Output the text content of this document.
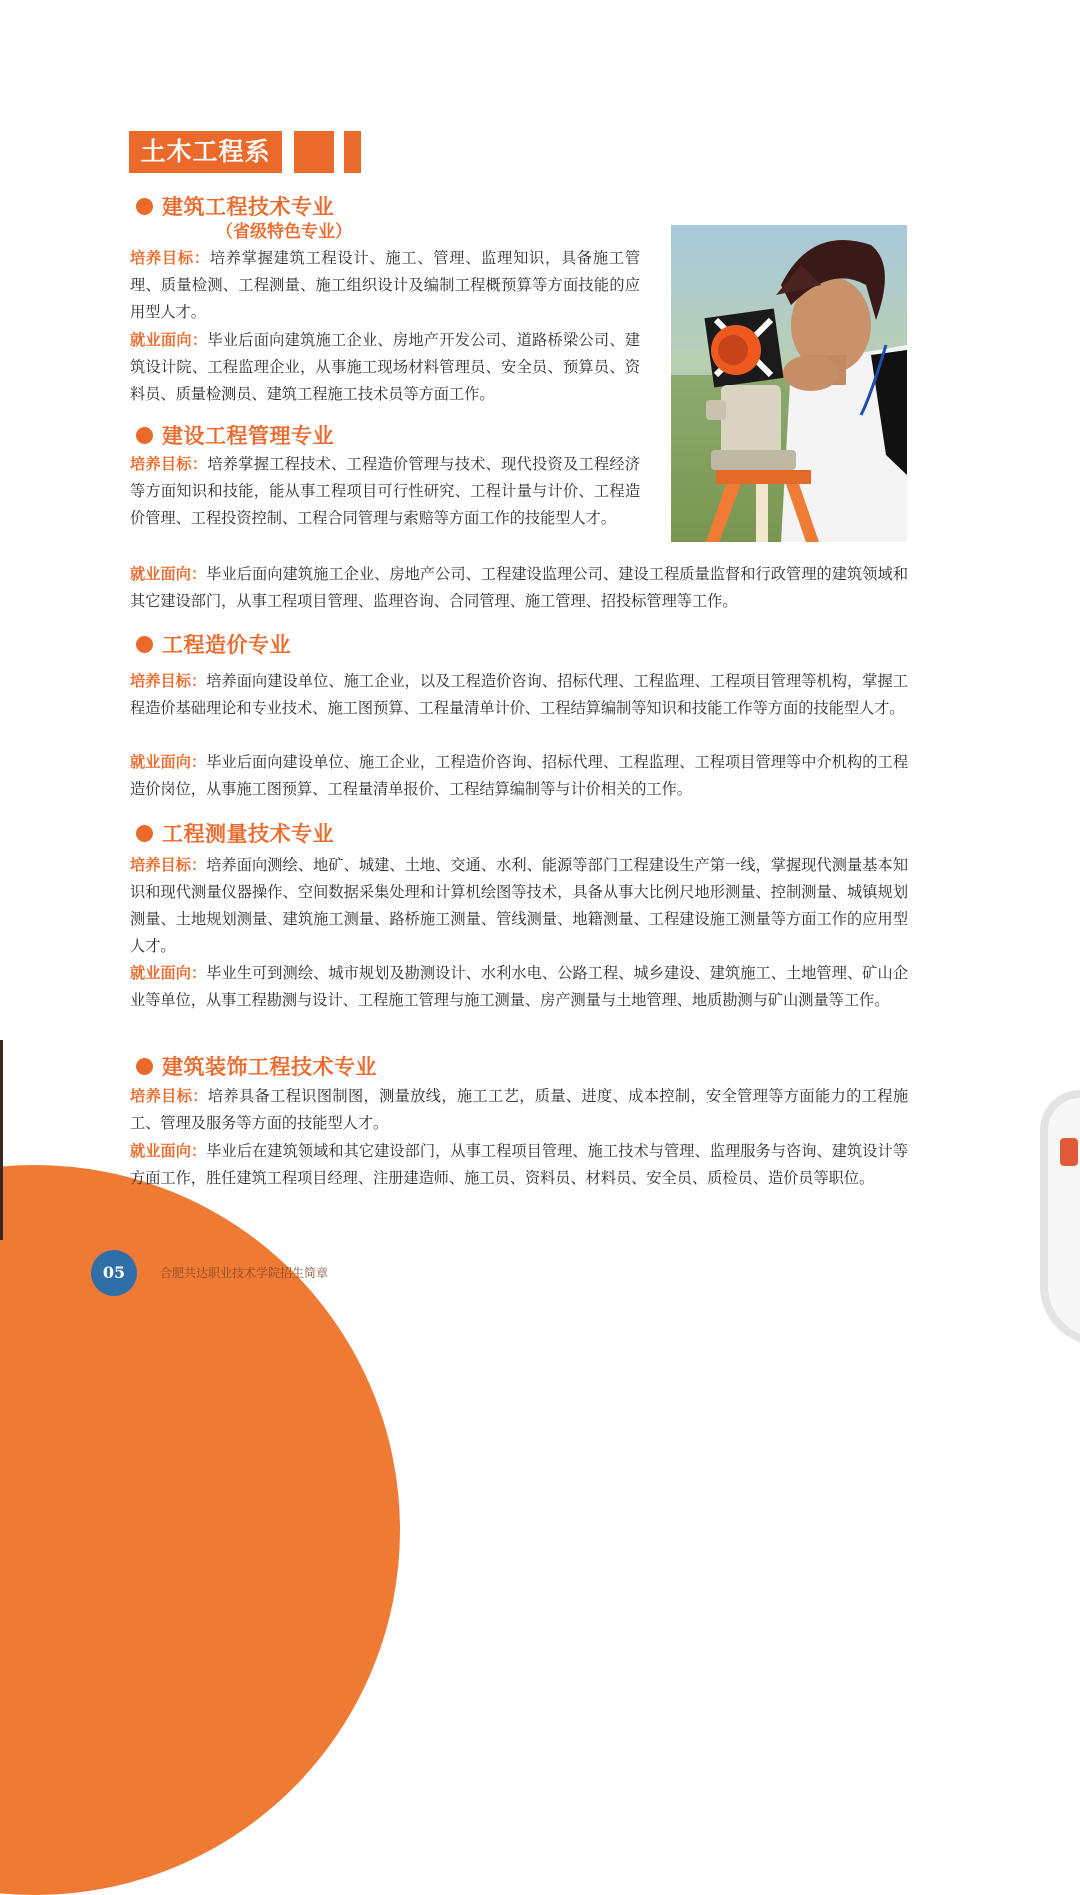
土木工程系
建筑工程技术专业
（省级特色专业）

培养目标：培养掌握建筑工程设计、施工、管理、监理知识，具备施工管理、质量检测、工程测量、施工组织设计及编制工程概预算等方面技能的应用型人才。

就业面向：毕业后面向建筑施工企业、房地产开发公司、道路桥梁公司、建筑设计院、工程监理企业，从事施工现场材料管理员、安全员、预算员、资料员、质量检测员、建筑工程施工技术员等方面工作。

建设工程管理专业

培养目标：培养掌握工程技术、工程造价管理与技术、现代投资及工程经济等方面知识和技能，能从事工程项目可行性研究、工程计量与计价、工程造价管理、工程投资控制、工程合同管理与索赔等方面工作的技能型人才。

就业面向：毕业后面向建筑施工企业、房地产公司、工程建设监理公司、建设工程质量监督和行政管理的建筑领域和其它建设部门，从事工程项目管理、监理咨询、合同管理、施工管理、招投标管理等工作。

工程造价专业

培养目标：培养面向建设单位、施工企业，以及工程造价咨询、招标代理、工程监理、工程项目管理等机构，掌握工程造价基础理论和专业技术、施工图预算、工程量清单计价、工程结算编制等知识和技能工作等方面的技能型人才。

就业面向：毕业后面向建设单位、施工企业，工程造价咨询、招标代理、工程监理、工程项目管理等中介机构的工程造价岗位，从事施工图预算、工程量清单报价、工程结算编制等与计价相关的工作。

工程测量技术专业

培养目标：培养面向测绘、地矿、城建、土地、交通、水利、能源等部门工程建设生产第一线，掌握现代测量基本知识和现代测量仪器操作、空间数据采集处理和计算机绘图等技术，具备从事大比例尺地形测量、控制测量、城镇规划测量、土地规划测量、建筑施工测量、路桥施工测量、管线测量、地籍测量、工程建设施工测量等方面工作的应用型人才。

就业面向：毕业生可到测绘、城市规划及勘测设计、水利水电、公路工程、城乡建设、建筑施工、土地管理、矿山企业等单位，从事工程勘测与设计、工程施工管理与施工测量、房产测量与土地管理、地质勘测与矿山测量等工作。

建筑装饰工程技术专业

培养目标：培养具备工程识图制图，测量放线，施工工艺，质量、进度、成本控制，安全管理等方面能力的工程施工、管理及服务等方面的技能型人才。

就业面向：毕业后在建筑领域和其它建设部门，从事工程项目管理、施工技术与管理、监理服务与咨询、建筑设计等方面工作，胜任建筑工程项目经理、注册建造师、施工员、资料员、材料员、安全员、质检员、造价员等职位。

05	合肥共达职业技术学院招生简章
